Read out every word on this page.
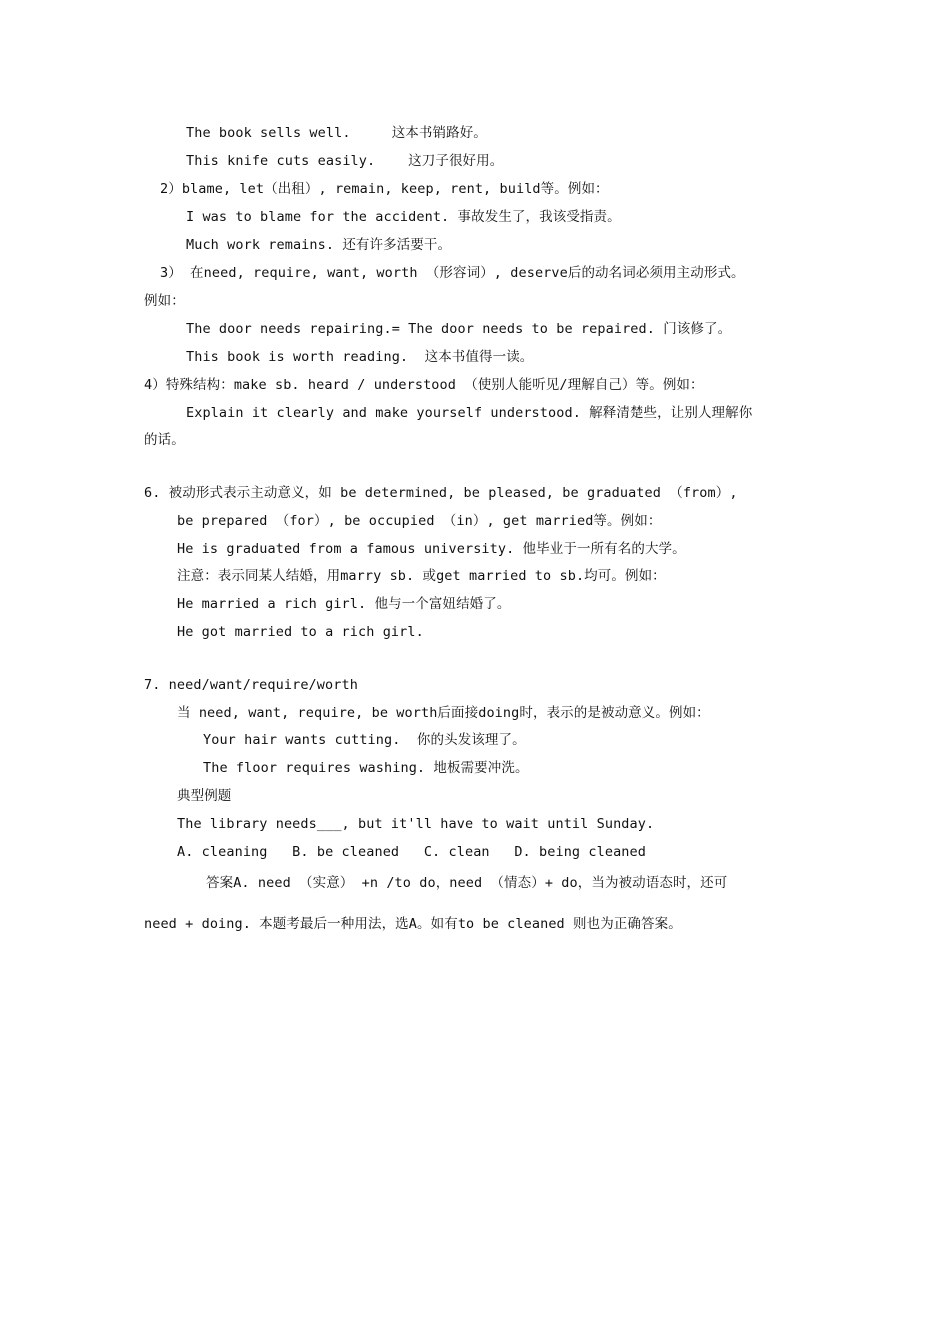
The book sells well.     这本书销路好。
This knife cuts easily.    这刀子很好用。
2）blame, let（出租）, remain, keep, rent, build等。例如：
I was to blame for the accident. 事故发生了，我该受指责。
Much work remains. 还有许多活要干。
3） 在need, require, want, worth （形容词）, deserve后的动名词必须用主动形式。
例如：
The door needs repairing.= The door needs to be repaired. 门该修了。
This book is worth reading.  这本书值得一读。
4）特殊结构：make sb. heard / understood （使别人能听见/理解自己）等。例如：
Explain it clearly and make yourself understood. 解释清楚些，让别人理解你
的话。
6. 被动形式表示主动意义，如 be determined, be pleased, be graduated （from）,
be prepared （for）, be occupied （in）, get married等。例如：
He is graduated from a famous university. 他毕业于一所有名的大学。
注意：表示同某人结婚，用marry sb. 或get married to sb.均可。例如：
He married a rich girl. 他与一个富妞结婚了。
He got married to a rich girl.
7. need/want/require/worth
当 need, want, require, be worth后面接doing时，表示的是被动意义。例如：
Your hair wants cutting.  你的头发该理了。
The floor requires washing. 地板需要冲洗。
典型例题
The library needs___, but it'll have to wait until Sunday.
A. cleaning   B. be cleaned   C. clean   D. being cleaned
答案A. need （实意） +n /to do，need （情态）+ do，当为被动语态时，还可
need + doing. 本题考最后一种用法，选A。如有to be cleaned 则也为正确答案。
